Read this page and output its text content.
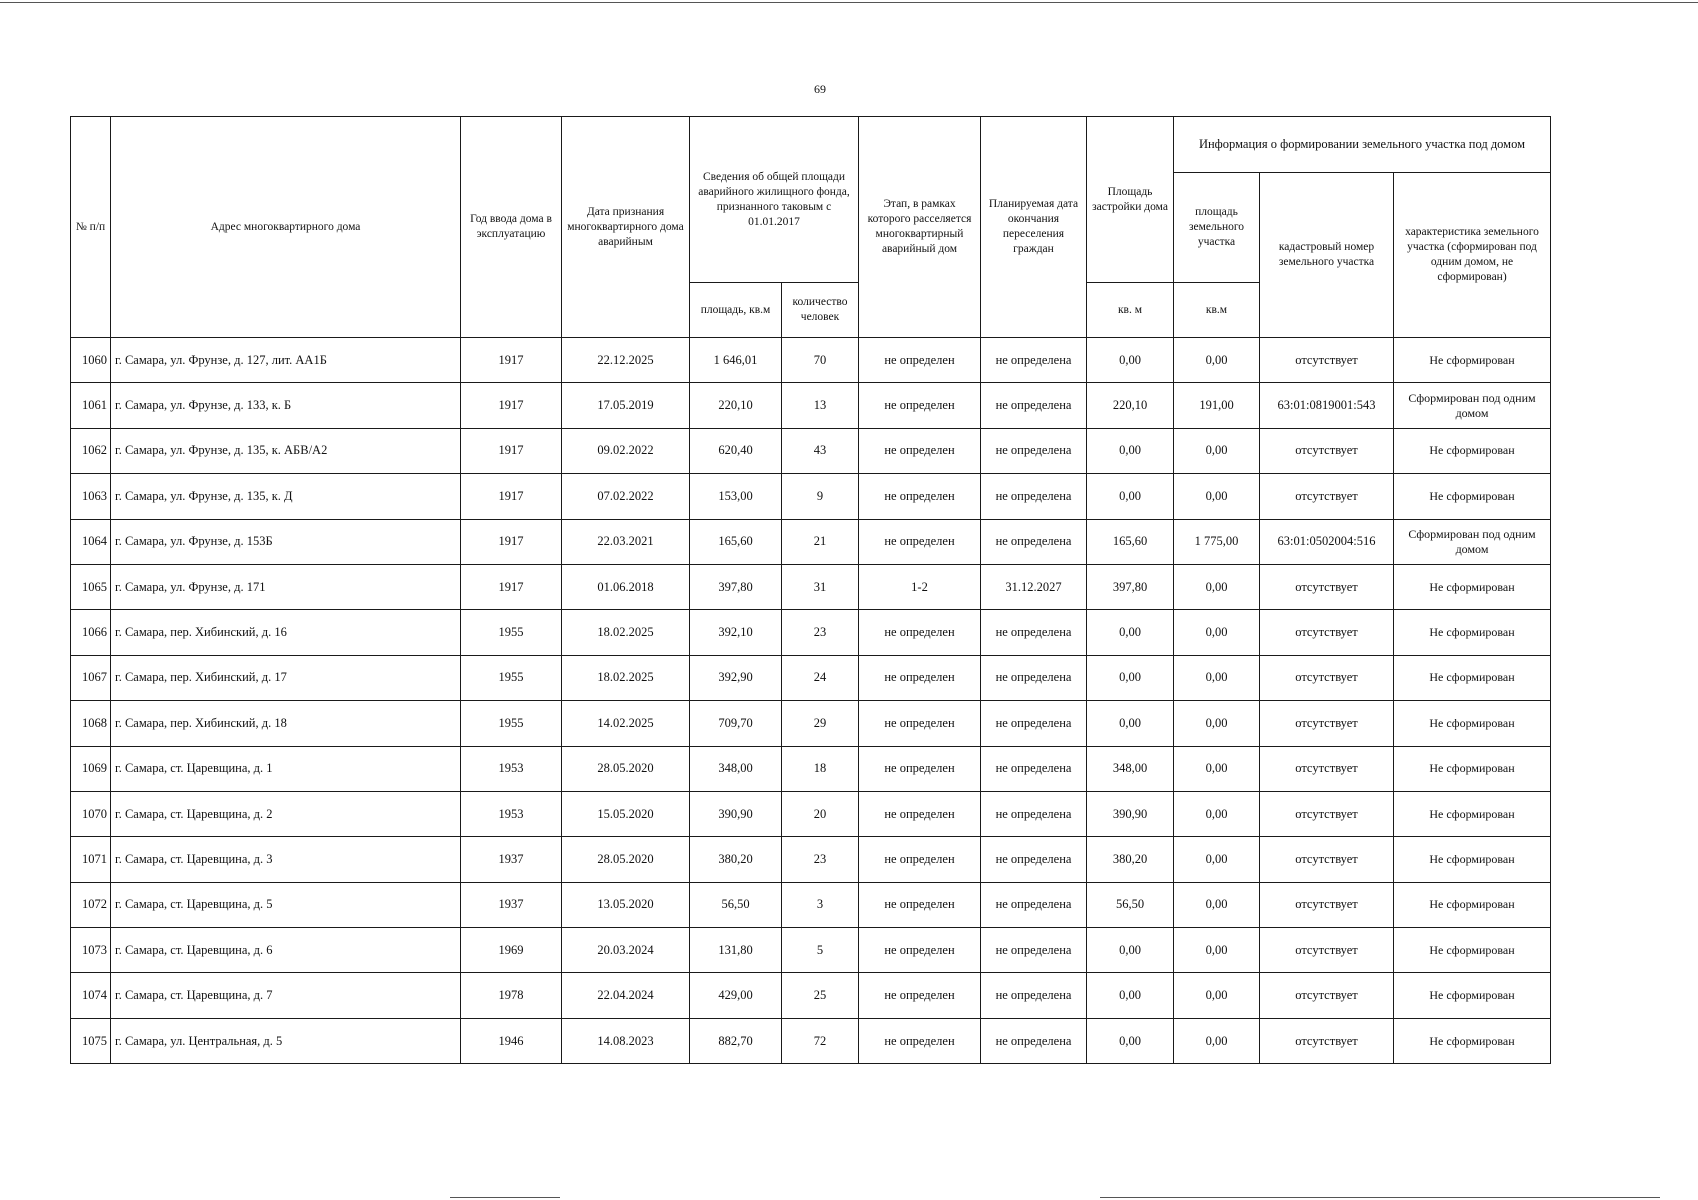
69
№ п/п	Адрес многоквартирного дома	Год ввода дома в эксплуатацию	Дата признания многоквартирного дома аварийным	Сведения об общей площади аварийного жилищного фонда, признанного таковым с 01.01.2017		Этап, в рамках которого расселяется многоквартирный аварийный дом	Планируемая дата окончания переселения граждан	Площадь застройки дома	Информация о формировании земельного участка под домом		
									площадь земельного участка	кадастровый номер земельного участка	характеристика земельного участка (сформирован под одним домом, не сформирован)
				площадь, кв.м	количество человек			кв. м	кв.м		
1060	г. Самара, ул. Фрунзе, д. 127, лит. АА1Б	1917	22.12.2025	1 646,01	70	не определен	не определена	0,00	0,00	отсутствует	Не сформирован
1061	г. Самара, ул. Фрунзе, д. 133, к. Б	1917	17.05.2019	220,10	13	не определен	не определена	220,10	191,00	63:01:0819001:543	Сформирован под одним домом
1062	г. Самара, ул. Фрунзе, д. 135, к. АБВ/А2	1917	09.02.2022	620,40	43	не определен	не определена	0,00	0,00	отсутствует	Не сформирован
1063	г. Самара, ул. Фрунзе, д. 135, к. Д	1917	07.02.2022	153,00	9	не определен	не определена	0,00	0,00	отсутствует	Не сформирован
1064	г. Самара, ул. Фрунзе, д. 153Б	1917	22.03.2021	165,60	21	не определен	не определена	165,60	1 775,00	63:01:0502004:516	Сформирован под одним домом
1065	г. Самара, ул. Фрунзе, д. 171	1917	01.06.2018	397,80	31	1-2	31.12.2027	397,80	0,00	отсутствует	Не сформирован
1066	г. Самара, пер. Хибинский, д. 16	1955	18.02.2025	392,10	23	не определен	не определена	0,00	0,00	отсутствует	Не сформирован
1067	г. Самара, пер. Хибинский, д. 17	1955	18.02.2025	392,90	24	не определен	не определена	0,00	0,00	отсутствует	Не сформирован
1068	г. Самара, пер. Хибинский, д. 18	1955	14.02.2025	709,70	29	не определен	не определена	0,00	0,00	отсутствует	Не сформирован
1069	г. Самара, ст. Царевщина, д. 1	1953	28.05.2020	348,00	18	не определен	не определена	348,00	0,00	отсутствует	Не сформирован
1070	г. Самара, ст. Царевщина, д. 2	1953	15.05.2020	390,90	20	не определен	не определена	390,90	0,00	отсутствует	Не сформирован
1071	г. Самара, ст. Царевщина, д. 3	1937	28.05.2020	380,20	23	не определен	не определена	380,20	0,00	отсутствует	Не сформирован
1072	г. Самара, ст. Царевщина, д. 5	1937	13.05.2020	56,50	3	не определен	не определена	56,50	0,00	отсутствует	Не сформирован
1073	г. Самара, ст. Царевщина, д. 6	1969	20.03.2024	131,80	5	не определен	не определена	0,00	0,00	отсутствует	Не сформирован
1074	г. Самара, ст. Царевщина, д. 7	1978	22.04.2024	429,00	25	не определен	не определена	0,00	0,00	отсутствует	Не сформирован
1075	г. Самара, ул. Центральная, д. 5	1946	14.08.2023	882,70	72	не определен	не определена	0,00	0,00	отсутствует	Не сформирован
